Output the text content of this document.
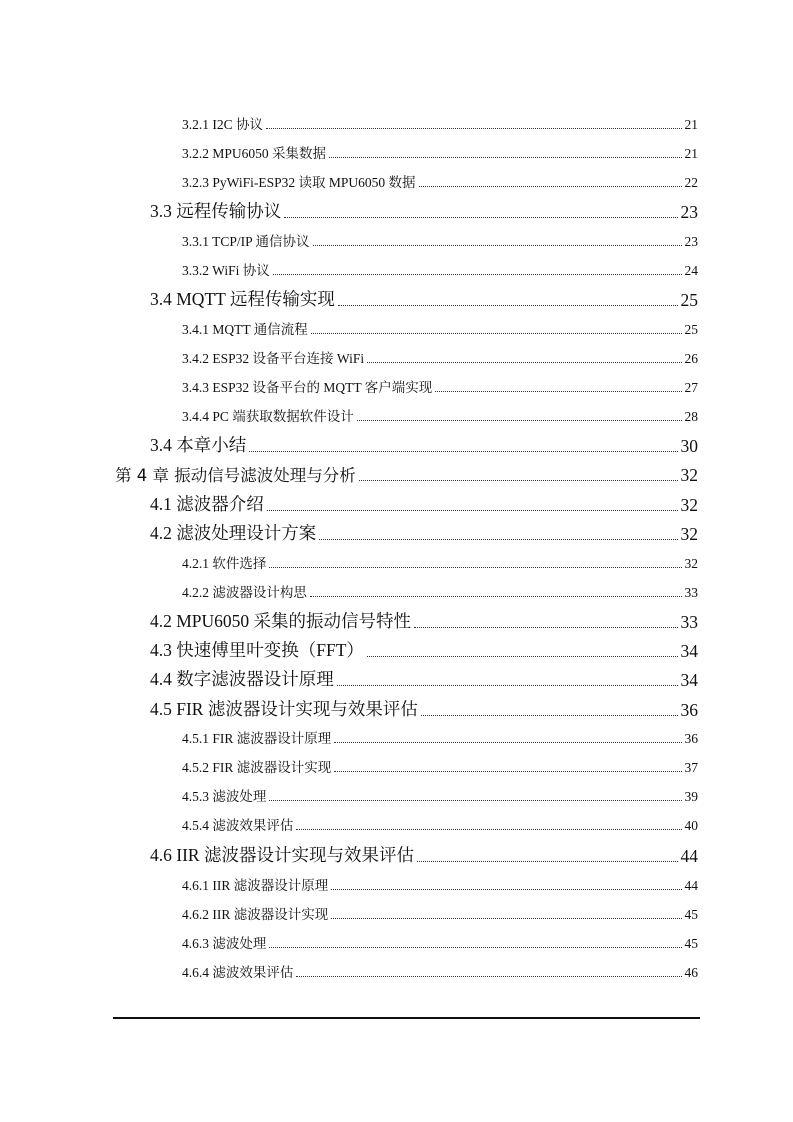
3.2.1 I2C 协议	21
3.2.2 MPU6050 采集数据	21
3.2.3 PyWiFi-ESP32 读取 MPU6050 数据	22
3.3 远程传输协议	23
3.3.1 TCP/IP 通信协议	23
3.3.2 WiFi 协议	24
3.4 MQTT 远程传输实现	25
3.4.1 MQTT 通信流程	25
3.4.2 ESP32 设备平台连接 WiFi	26
3.4.3 ESP32 设备平台的 MQTT 客户端实现	27
3.4.4 PC 端获取数据软件设计	28
3.4 本章小结	30
第 4 章 振动信号滤波处理与分析	32
4.1 滤波器介绍	32
4.2 滤波处理设计方案	32
4.2.1 软件选择	32
4.2.2 滤波器设计构思	33
4.2 MPU6050 采集的振动信号特性	33
4.3 快速傅里叶变换（FFT）	34
4.4 数字滤波器设计原理	34
4.5 FIR 滤波器设计实现与效果评估	36
4.5.1 FIR 滤波器设计原理	36
4.5.2 FIR 滤波器设计实现	37
4.5.3 滤波处理	39
4.5.4 滤波效果评估	40
4.6 IIR 滤波器设计实现与效果评估	44
4.6.1 IIR 滤波器设计原理	44
4.6.2 IIR 滤波器设计实现	45
4.6.3 滤波处理	45
4.6.4 滤波效果评估	46
